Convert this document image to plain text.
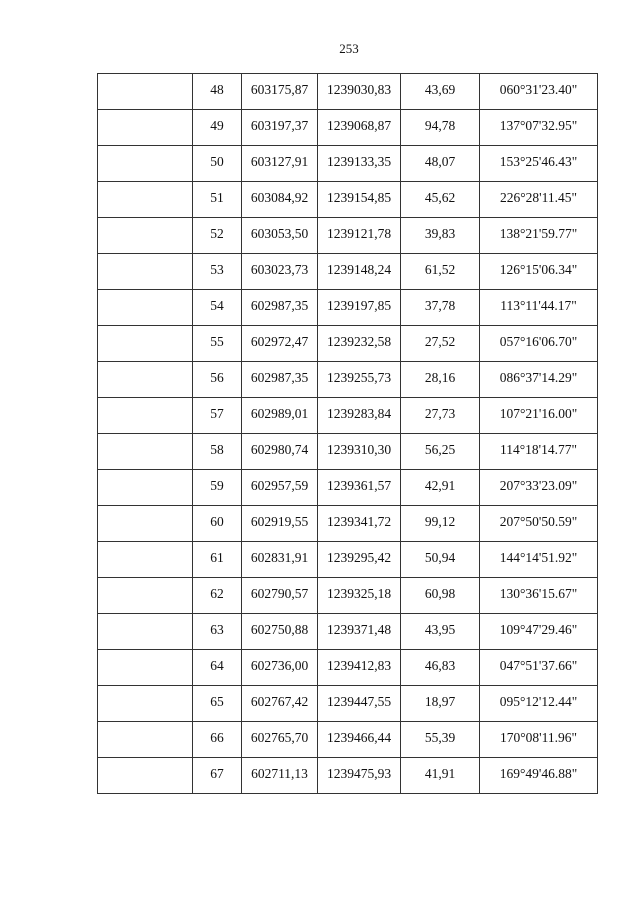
253
	48	603175,87	1239030,83	43,69	060°31'23.40"
	49	603197,37	1239068,87	94,78	137°07'32.95"
	50	603127,91	1239133,35	48,07	153°25'46.43"
	51	603084,92	1239154,85	45,62	226°28'11.45"
	52	603053,50	1239121,78	39,83	138°21'59.77"
	53	603023,73	1239148,24	61,52	126°15'06.34"
	54	602987,35	1239197,85	37,78	113°11'44.17"
	55	602972,47	1239232,58	27,52	057°16'06.70"
	56	602987,35	1239255,73	28,16	086°37'14.29"
	57	602989,01	1239283,84	27,73	107°21'16.00"
	58	602980,74	1239310,30	56,25	114°18'14.77"
	59	602957,59	1239361,57	42,91	207°33'23.09"
	60	602919,55	1239341,72	99,12	207°50'50.59"
	61	602831,91	1239295,42	50,94	144°14'51.92"
	62	602790,57	1239325,18	60,98	130°36'15.67"
	63	602750,88	1239371,48	43,95	109°47'29.46"
	64	602736,00	1239412,83	46,83	047°51'37.66"
	65	602767,42	1239447,55	18,97	095°12'12.44"
	66	602765,70	1239466,44	55,39	170°08'11.96"
	67	602711,13	1239475,93	41,91	169°49'46.88"
